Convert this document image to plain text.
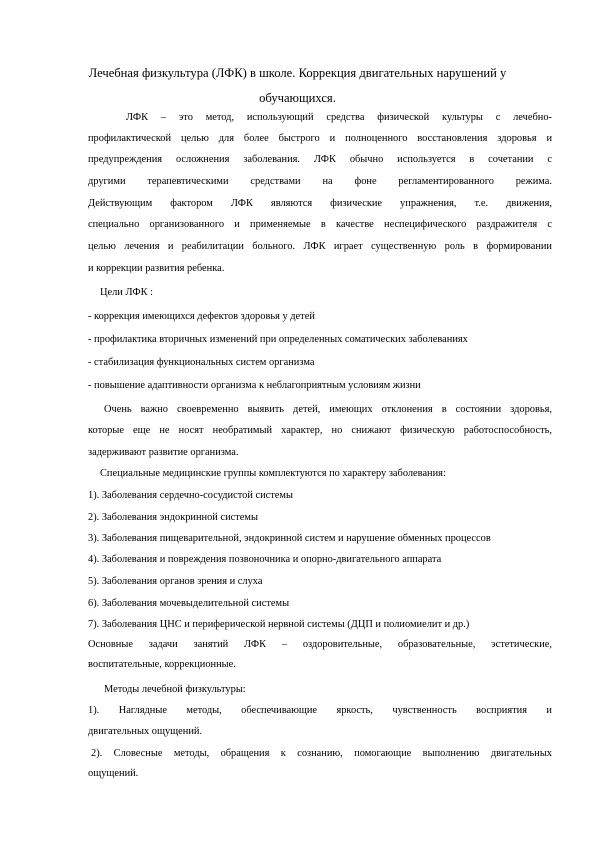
Лечебная физкультура (ЛФК) в школе. Коррекция двигательных нарушений у
обучающихся.
ЛФК – это метод, использующий средства физической культуры с лечебно-
профилактической целью для более быстрого и полноценного восстановления здоровья и
предупреждения осложнения заболевания. ЛФК обычно используется в сочетании с
другими терапевтическими средствами на фоне регламентированного режима.
Действующим фактором ЛФК являются физические упражнения, т.е. движения,
специально организованного и применяемые в качестве неспецифического раздражителя с
целью лечения и реабилитации больного. ЛФК играет существенную роль в формировании
и коррекции развития ребенка.
Цели ЛФК :
- коррекция имеющихся дефектов здоровья у детей
- профилактика вторичных изменений при определенных соматических заболеваниях
- стабилизация функциональных систем организма
- повышение адаптивности организма к неблагоприятным условиям жизни
Очень важно своевременно выявить детей, имеющих отклонения в состоянии здоровья,
которые еще не носят необратимый характер, но снижают физическую работоспособность,
задерживают развитие организма.
Специальные медицинские группы комплектуются по характеру заболевания:
1). Заболевания сердечно-сосудистой системы
2). Заболевания эндокринной системы
3). Заболевания пищеварительной, эндокринной систем и нарушение обменных процессов
4). Заболевания и повреждения позвоночника и опорно-двигательного аппарата
5). Заболевания органов зрения и слуха
6). Заболевания мочевыделительной системы
7). Заболевания ЦНС и периферической нервной системы (ДЦП и полиомиелит и др.)
Основные задачи занятий ЛФК – оздоровительные, образовательные, эстетические,
воспитательные, коррекционные.
Методы лечебной физкультуры:
1). Наглядные методы, обеспечивающие яркость, чувственность восприятия и
двигательных ощущений.
2). Словесные методы, обращения к сознанию, помогающие выполнению двигательных
ощущений.
